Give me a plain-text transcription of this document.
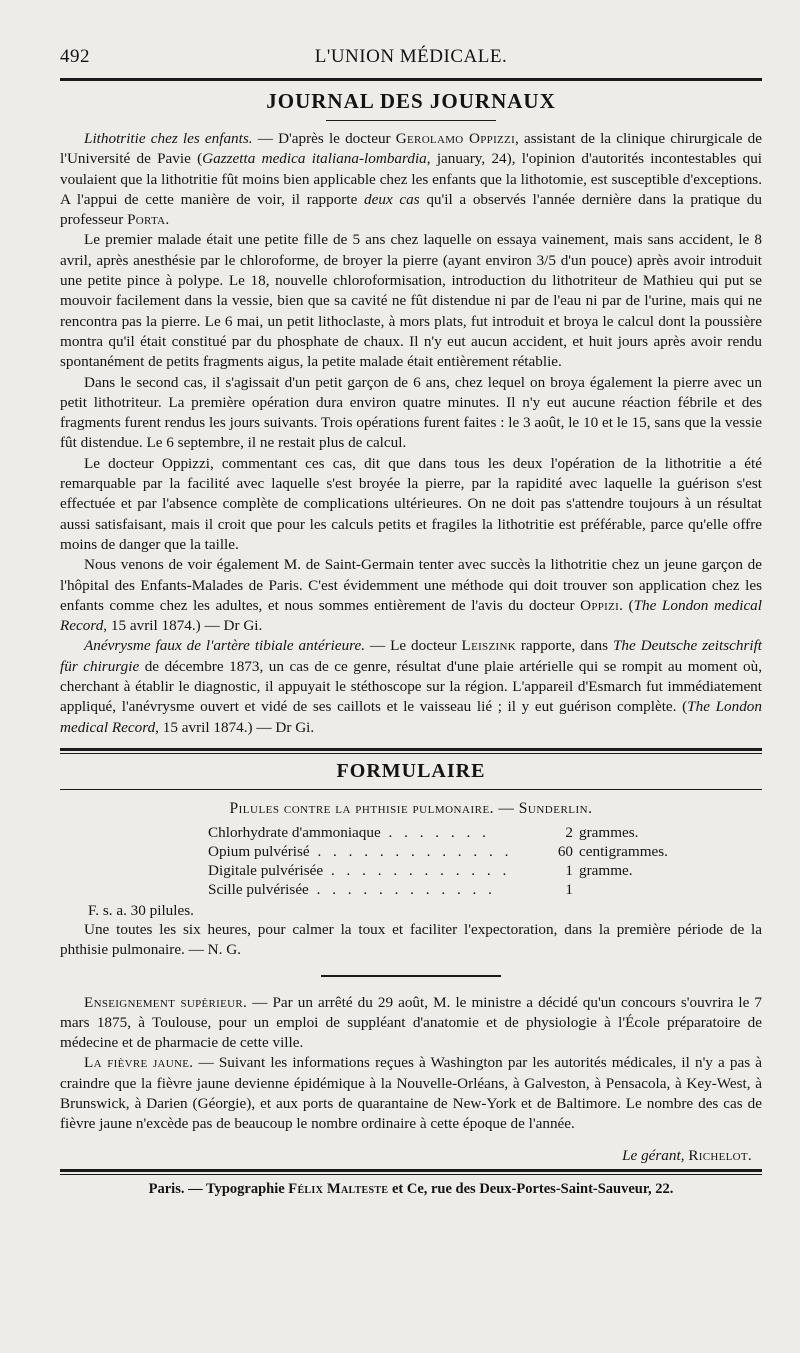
492	L'UNION MÉDICALE.
JOURNAL DES JOURNAUX

Lithotritie chez les enfants. — D'après le docteur Gerolamo Oppizzi, assistant de la clinique chirurgicale de l'Université de Pavie (Gazzetta medica italiana-lombardia, january, 24), l'opinion d'autorités incontestables qui voulaient que la lithotritie fût moins bien applicable chez les enfants que la lithotomie, est susceptible d'exceptions. A l'appui de cette manière de voir, il rapporte deux cas qu'il a observés l'année dernière dans la pratique du professeur Porta.

Le premier malade était une petite fille de 5 ans chez laquelle on essaya vainement, mais sans accident, le 8 avril, après anesthésie par le chloroforme, de broyer la pierre (ayant environ 3/5 d'un pouce) après avoir introduit une petite pince à polype. Le 18, nouvelle chloroformisation, introduction du lithotriteur de Mathieu qui put se mouvoir facilement dans la vessie, bien que sa cavité ne fût distendue ni par de l'eau ni par de l'urine, mais qui ne rencontra pas la pierre. Le 6 mai, un petit lithoclaste, à mors plats, fut introduit et broya le calcul dont la poussière montra qu'il était constitué par du phosphate de chaux. Il n'y eut aucun accident, et huit jours après avoir rendu spontanément de petits fragments aigus, la petite malade était entièrement rétablie.

Dans le second cas, il s'agissait d'un petit garçon de 6 ans, chez lequel on broya également la pierre avec un petit lithotriteur. La première opération dura environ quatre minutes. Il n'y eut aucune réaction fébrile et des fragments furent rendus les jours suivants. Trois opérations furent faites : le 3 août, le 10 et le 15, sans que la vessie fût distendue. Le 6 septembre, il ne restait plus de calcul.

Le docteur Oppizzi, commentant ces cas, dit que dans tous les deux l'opération de la lithotritie a été remarquable par la facilité avec laquelle s'est broyée la pierre, par la rapidité avec laquelle la guérison s'est effectuée et par l'absence complète de complications ultérieures. On ne doit pas s'attendre toujours à un résultat aussi satisfaisant, mais il croit que pour les calculs petits et fragiles la lithotritie est préférable, parce qu'elle offre moins de danger que la taille.

Nous venons de voir également M. de Saint-Germain tenter avec succès la lithotritie chez un jeune garçon de l'hôpital des Enfants-Malades de Paris. C'est évidemment une méthode qui doit trouver son application chez les enfants comme chez les adultes, et nous sommes entièrement de l'avis du docteur Oppizi. (The London medical Record, 15 avril 1874.) — Dr Gi.

Anévrysme faux de l'artère tibiale antérieure. — Le docteur Leiszink rapporte, dans The Deutsche zeitschrift für chirurgie de décembre 1873, un cas de ce genre, résultat d'une plaie artérielle qui se rompit au moment où, cherchant à établir le diagnostic, il appuyait le stéthoscope sur la région. L'appareil d'Esmarch fut immédiatement appliqué, l'anévrysme ouvert et vidé de ses caillots et le vaisseau lié ; il y eut guérison complète. (The London medical Record, 15 avril 1874.) — Dr Gi.

FORMULAIRE
Pilules contre la phthisie pulmonaire. — Sunderlin.
Chlorhydrate d'ammoniaque . . . . . . .	2	grammes.
Opium pulvérisé . . . . . . . . . . . . .	60	centigrammes.
Digitale pulvérisée . . . . . . . . . . . .	1	gramme.
Scille pulvérisée . . . . . . . . . . . .	1	
F. s. a. 30 pilules.

Une toutes les six heures, pour calmer la toux et faciliter l'expectoration, dans la première période de la phthisie pulmonaire. — N. G.

Enseignement supérieur. — Par un arrêté du 29 août, M. le ministre a décidé qu'un concours s'ouvrira le 7 mars 1875, à Toulouse, pour un emploi de suppléant d'anatomie et de physiologie à l'École préparatoire de médecine et de pharmacie de cette ville.

La fièvre jaune. — Suivant les informations reçues à Washington par les autorités médicales, il n'y a pas à craindre que la fièvre jaune devienne épidémique à la Nouvelle-Orléans, à Galveston, à Pensacola, à Key-West, à Brunswick, à Darien (Géorgie), et aux ports de quarantaine de New-York et de Baltimore. Le nombre des cas de fièvre jaune n'excède pas de beaucoup le nombre ordinaire à cette époque de l'année.

Le gérant, Richelot.
Paris. — Typographie Félix Maltestе et Ce, rue des Deux-Portes-Saint-Sauveur, 22.
